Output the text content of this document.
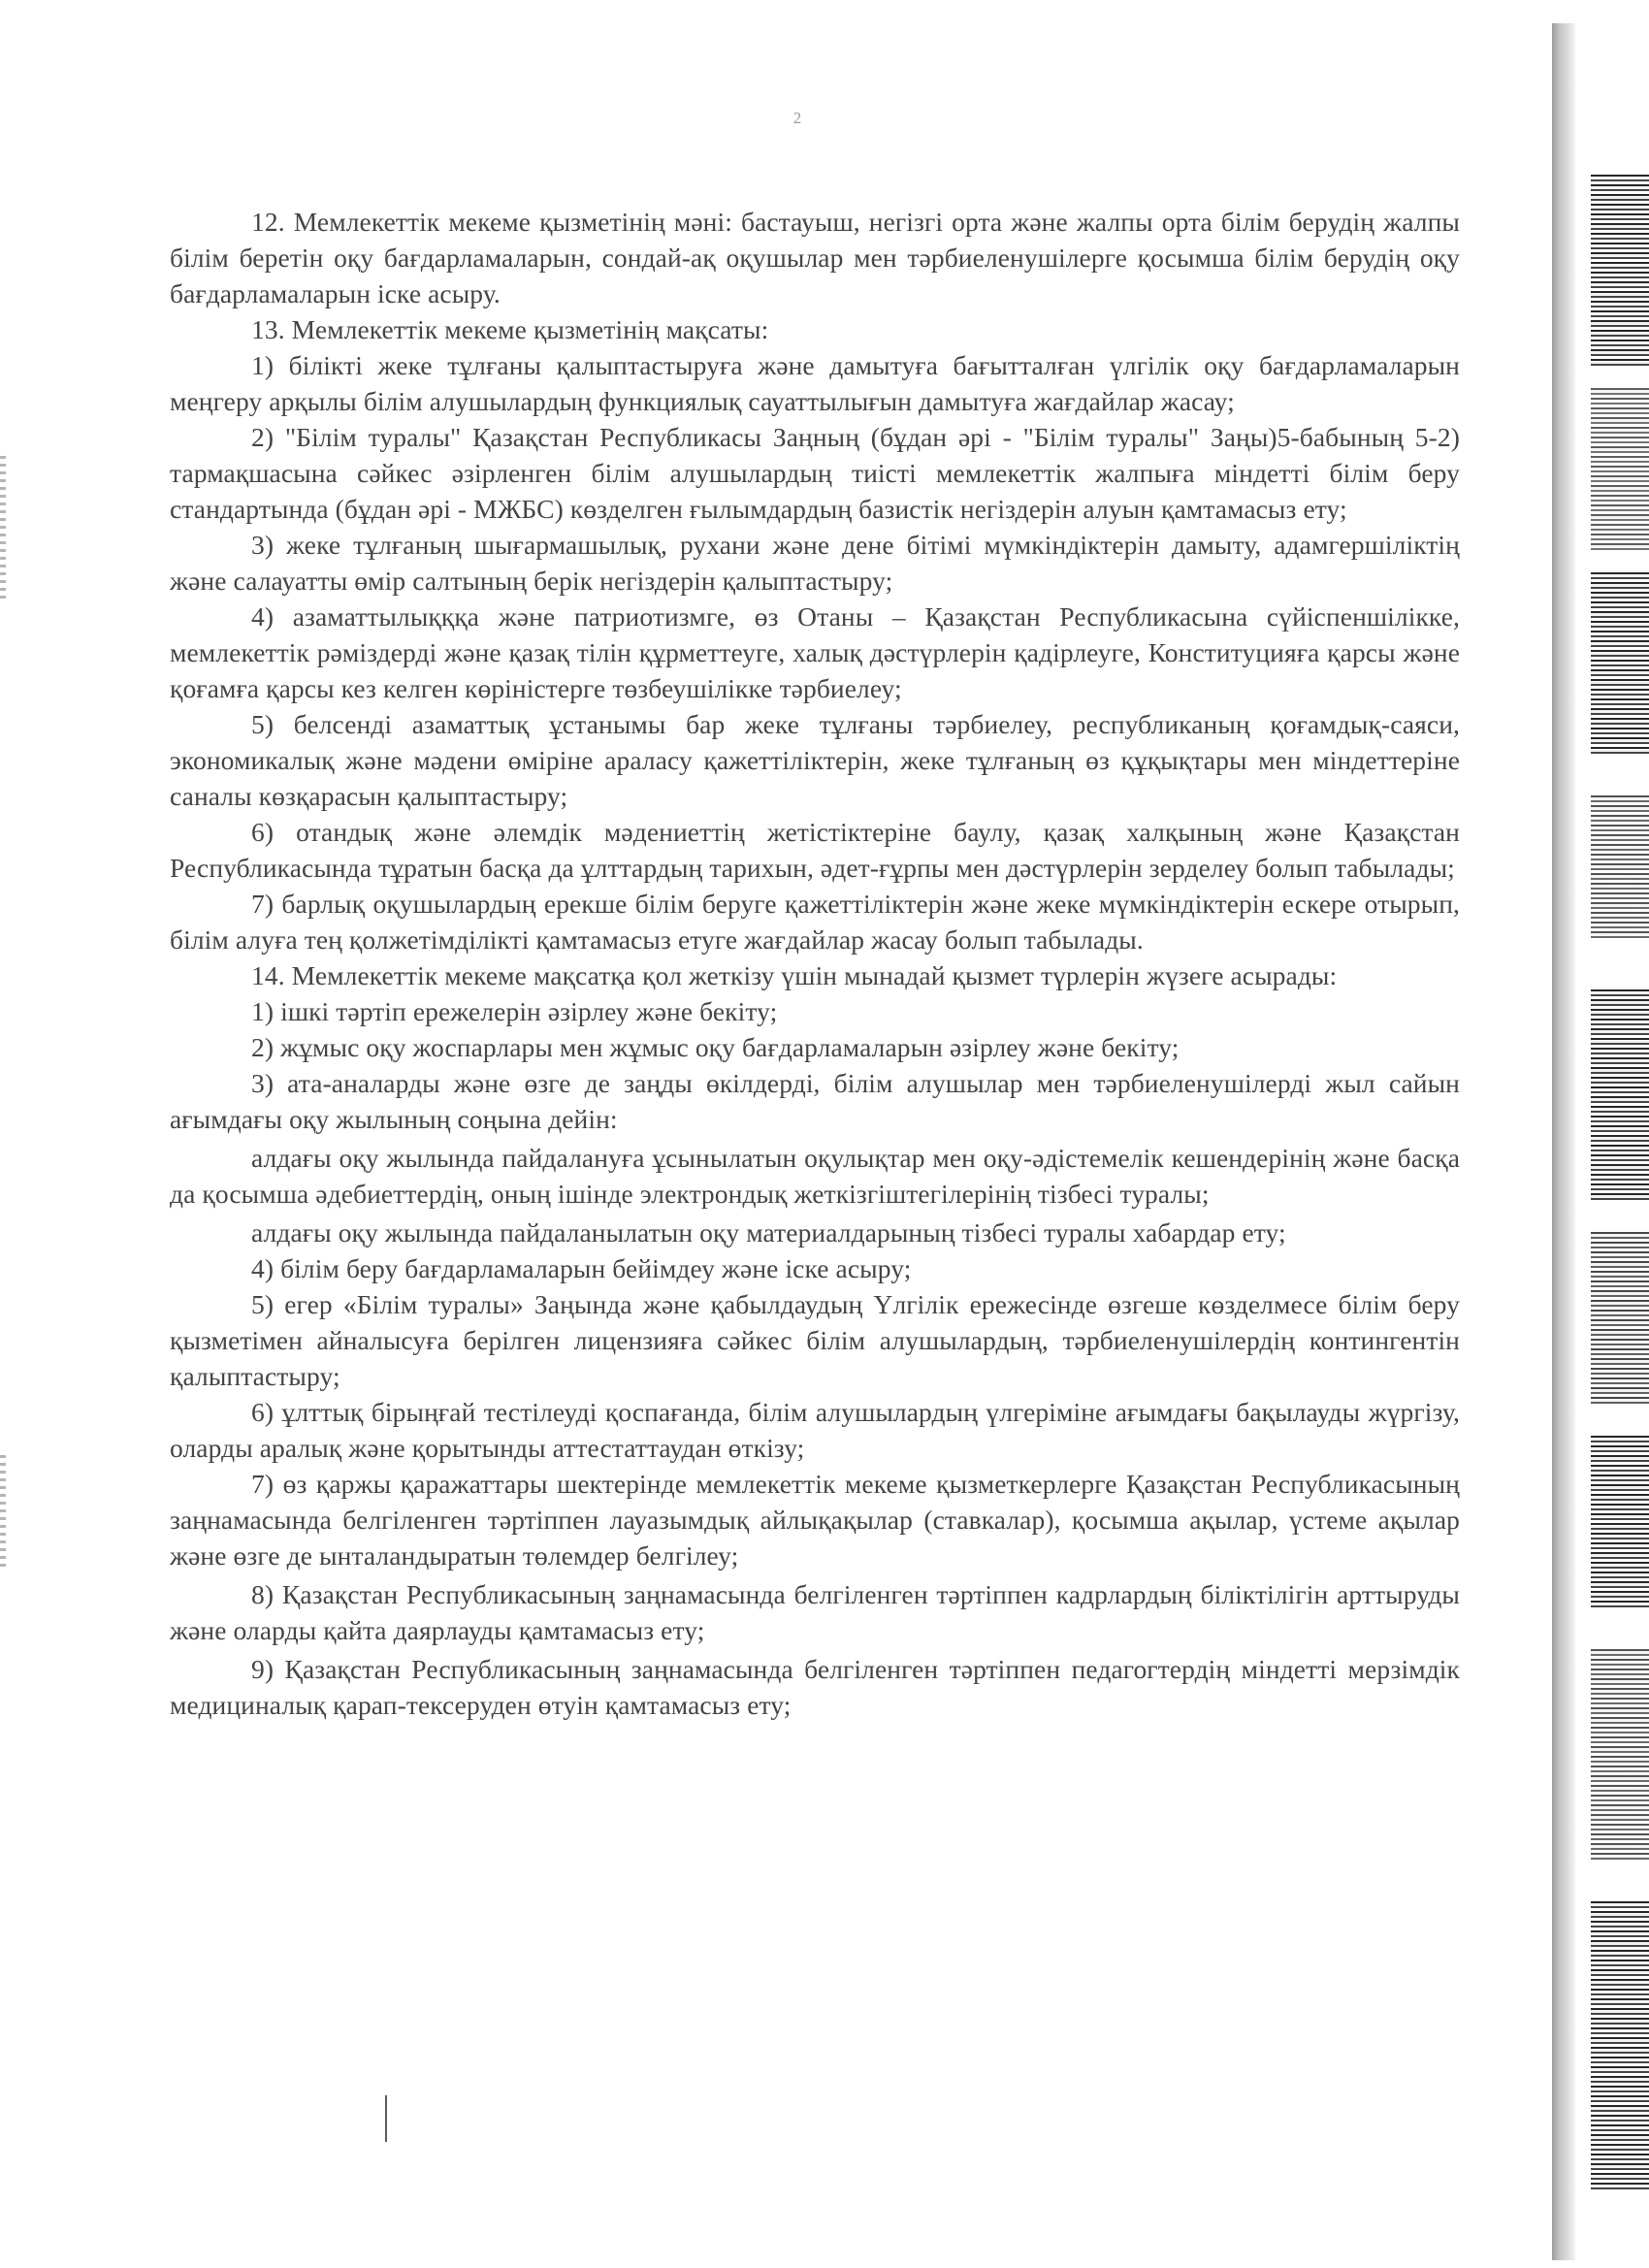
2

12. Мемлекеттік мекеме қызметінің мәні: бастауыш, негізгі орта және жалпы орта білім берудің жалпы білім беретін оқу бағдарламаларын, сондай-ақ оқушылар мен тәрбиеленушілерге қосымша білім берудің оқу бағдарламаларын іске асыру.

13. Мемлекеттік мекеме қызметінің мақсаты:

1) білікті жеке тұлғаны қалыптастыруға және дамытуға бағытталған үлгілік оқу бағдарламаларын меңгеру арқылы білім алушылардың функциялық сауаттылығын дамытуға жағдайлар жасау;

2) "Білім туралы" Қазақстан Республикасы Заңның (бұдан әрі - "Білім туралы" Заңы)5-бабының 5-2) тармақшасына сәйкес әзірленген білім алушылардың тиісті мемлекеттік жалпыға міндетті білім беру стандартында (бұдан әрі - МЖБС) көзделген ғылымдардың базистік негіздерін алуын қамтамасыз ету;

3) жеке тұлғаның шығармашылық, рухани және дене бітімі мүмкіндіктерін дамыту, адамгершіліктің және салауатты өмір салтының берік негіздерін қалыптастыру;

4) азаматтылықққа және патриотизмге, өз Отаны – Қазақстан Республикасына сүйіспеншілікке, мемлекеттік рәміздерді және қазақ тілін құрметтеуге, халық дәстүрлерін қадірлеуге, Конституцияға қарсы және қоғамға қарсы кез келген көріністерге төзбеушілікке тәрбиелеу;

5) белсенді азаматтық ұстанымы бар жеке тұлғаны тәрбиелеу, республиканың қоғамдық-саяси, экономикалық және мәдени өміріне араласу қажеттіліктерін, жеке тұлғаның өз құқықтары мен міндеттеріне саналы көзқарасын қалыптастыру;

6) отандық және әлемдік мәдениеттің жетістіктеріне баулу, қазақ халқының және Қазақстан Республикасында тұратын басқа да ұлттардың тарихын, әдет-ғұрпы мен дәстүрлерін зерделеу болып табылады;

7) барлық оқушылардың ерекше білім беруге қажеттіліктерін және жеке мүмкіндіктерін ескере отырып, білім алуға тең қолжетімділікті қамтамасыз етуге жағдайлар жасау болып табылады.

14. Мемлекеттік мекеме мақсатқа қол жеткізу үшін мынадай қызмет түрлерін жүзеге асырады:

1) ішкі тәртіп ережелерін әзірлеу және бекіту;

2) жұмыс оқу жоспарлары мен жұмыс оқу бағдарламаларын әзірлеу және бекіту;

3) ата-аналарды және өзге де заңды өкілдерді, білім алушылар мен тәрбиеленушілерді жыл сайын ағымдағы оқу жылының соңына дейін:

алдағы оқу жылында пайдалануға ұсынылатын оқулықтар мен оқу-әдістемелік кешендерінің және басқа да қосымша әдебиеттердің, оның ішінде электрондық жеткізгіштегілерінің тізбесі туралы;

алдағы оқу жылында пайдаланылатын оқу материалдарының тізбесі туралы хабардар ету;

4) білім беру бағдарламаларын бейімдеу және іске асыру;

5) егер «Білім туралы» Заңында және қабылдаудың Үлгілік ережесінде өзгеше көзделмесе білім беру қызметімен айналысуға берілген лицензияға сәйкес білім алушылардың, тәрбиеленушілердің контингентін қалыптастыру;

6) ұлттық бірыңғай тестілеуді қоспағанда, білім алушылардың үлгеріміне ағымдағы бақылауды жүргізу, оларды аралық және қорытынды аттестаттаудан өткізу;

7) өз қаржы қаражаттары шектерінде мемлекеттік мекеме қызметкерлерге Қазақстан Республикасының заңнамасында белгіленген тәртіппен лауазымдық айлықақылар (ставкалар), қосымша ақылар, үстеме ақылар және өзге де ынталандыратын төлемдер белгілеу;

8) Қазақстан Республикасының заңнамасында белгіленген тәртіппен кадрлардың біліктілігін арттыруды және оларды қайта даярлауды қамтамасыз ету;

9) Қазақстан Республикасының заңнамасында белгіленген тәртіппен педагогтердің міндетті мерзімдік медициналық қарап-тексеруден өтуін қамтамасыз ету;
